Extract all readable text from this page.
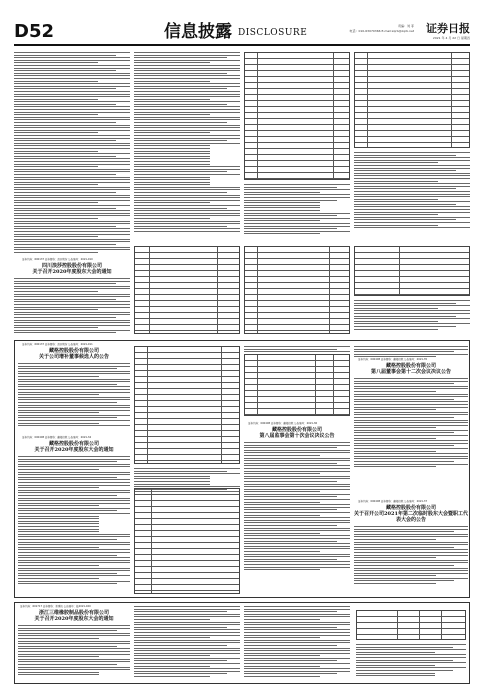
D52	信息披露 DISCLOSURE
责编：刘 菲
电话：010-63070366 E-mail:zqrb@zqrb.net 证券日报
2021 年 4 月 22 日 星期四
证券代码：600137 证券简称：浪莎股份 公告编号：2021-010
四川浪莎控股股份有限公司
关于召开2020年度股东大会的通知
证券代码：600137 证券简称：浪莎股份 公告编号：2021-011
藏格控股股份有限公司
关于公司增补董事候选人的公告
证券代码：000408 证券简称：藏格控股 公告编号：2021-34
藏格控股股份有限公司
关于召开2020年度股东大会的通知
证券代码：000408 证券简称：藏格控股 公告编号：2021-36
藏格控股股份有限公司
第八届监事会第十次会议决议公告
证券代码：000408 证券简称：藏格控股 公告编号：2021-35
藏格控股股份有限公司
第八届董事会第十二次会议决议公告
证券代码：000408 证券简称：藏格控股 公告编号：2021-37
藏格控股股份有限公司
关于召开公司2021年第二次临时股东大会暨职工代表大会的公告
证券代码：601717 证券简称：郑煤机 公告编号：临2021-020
浙江三维橡胶制品股份有限公司
关于召开2020年度股东大会的通知
